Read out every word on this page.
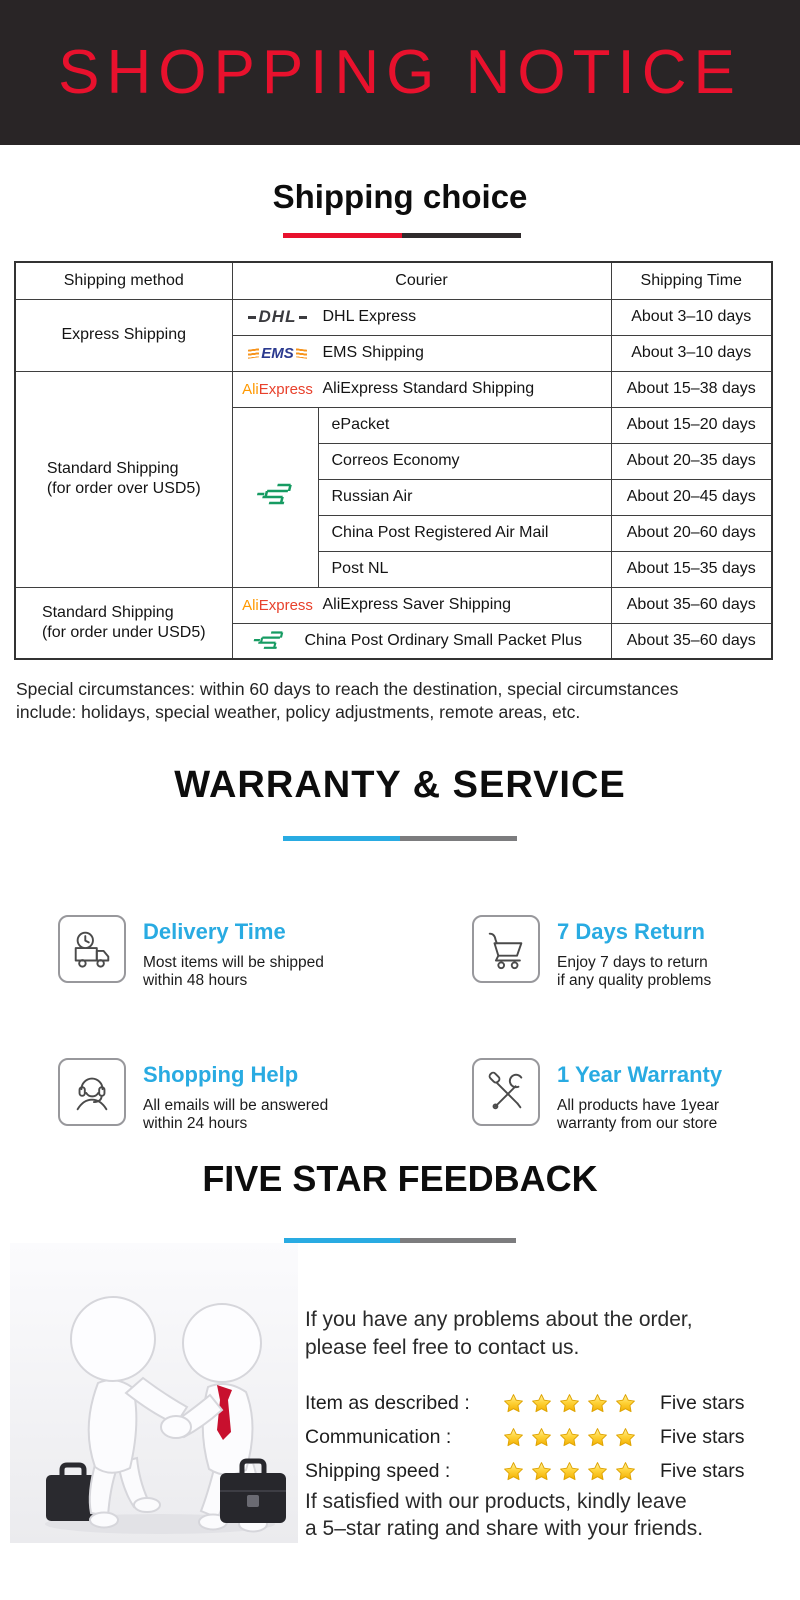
SHOPPING NOTICE
Shipping choice
Shipping method	Courier		Shipping Time
Express Shipping	DHL DHL Express		About 3–10 days

	EMS EMS Shipping		About 3–10 days
Standard Shipping
(for order over USD5)	AliExpress AliExpress Standard Shipping		About 15–38 days
	ePacket	About 15–20 days
		Correos Economy	About 20–35 days
		Russian Air	About 20–45 days
		China Post Registered Air Mail	About 20–60 days
		Post NL	About 15–35 days
Standard Shipping
(for order under USD5)	AliExpress AliExpress Saver Shipping		About 35–60 days

	China Post Ordinary Small Packet Plus		About 35–60 days

Special circumstances: within 60 days to reach the destination, special circumstances
include: holidays, special weather, policy adjustments, remote areas, etc.

WARRANTY & SERVICE
Delivery Time
Most items will be shipped
within 48 hours
7 Days Return
Enjoy 7 days to return
if any quality problems
Shopping Help
All emails will be answered
within 24 hours
1 Year Warranty
All products have 1year
warranty from our store
FIVE STAR FEEDBACK
If you have any problems about the order,
please feel free to contact us.
Item as described :	Five stars
Communication :	Five stars
Shipping speed :	Five stars
If satisfied with our products, kindly leave
a 5–star rating and share with your friends.
